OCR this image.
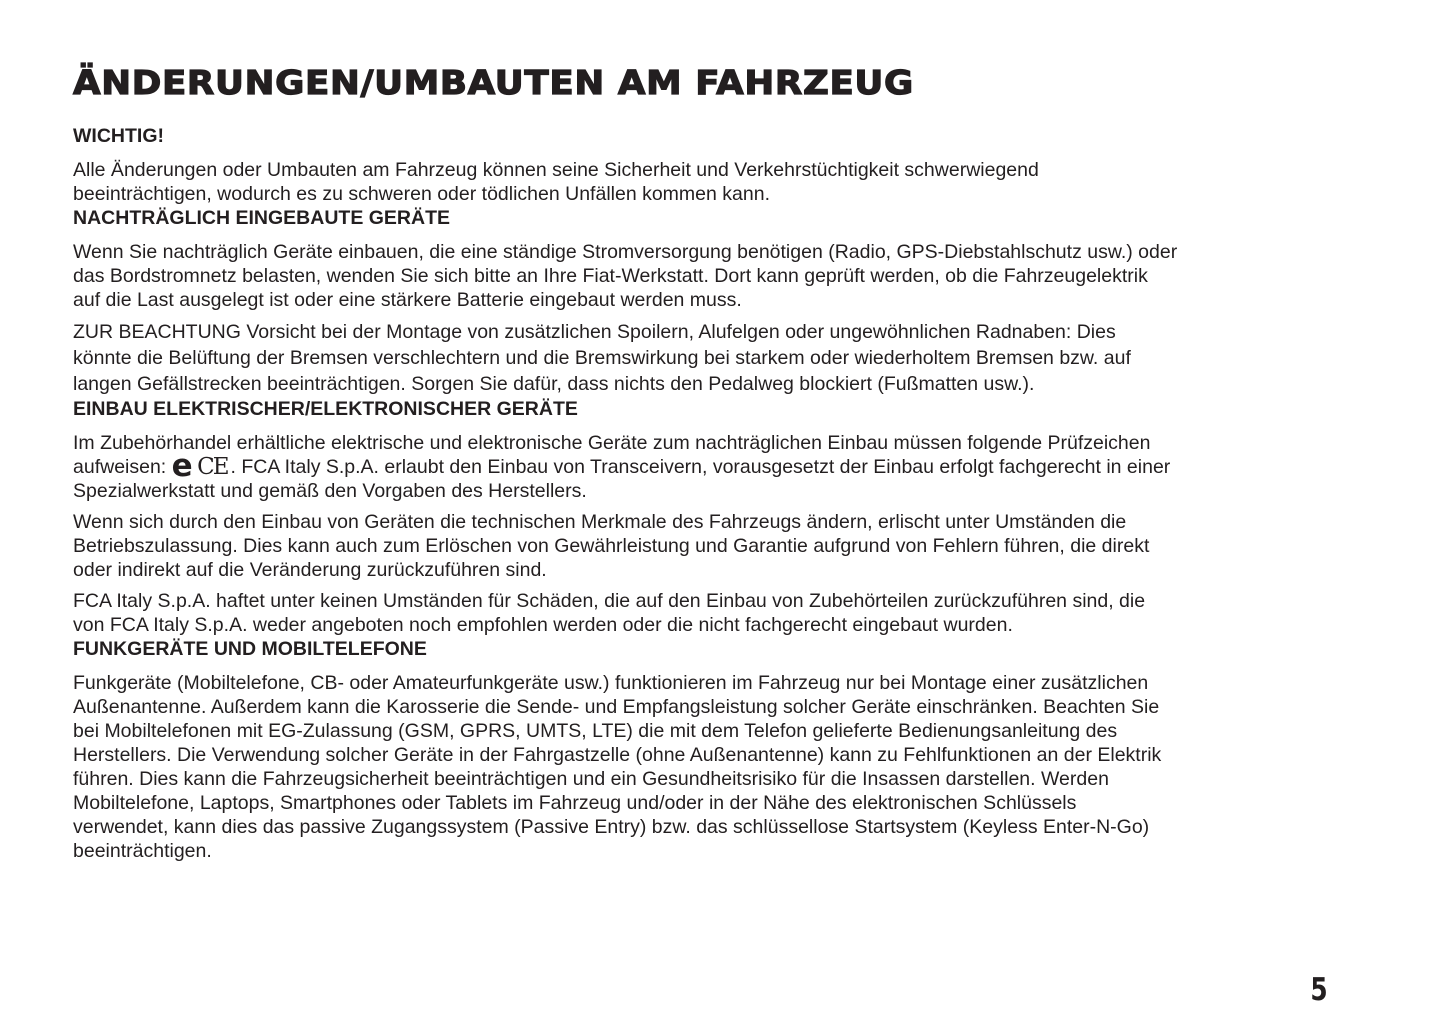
ÄNDERUNGEN/UMBAUTEN AM FAHRZEUG
WICHTIG!

Alle Änderungen oder Umbauten am Fahrzeug können seine Sicherheit und Verkehrstüchtigkeit schwerwiegend
beeinträchtigen, wodurch es zu schweren oder tödlichen Unfällen kommen kann.

NACHTRÄGLICH EINGEBAUTE GERÄTE

Wenn Sie nachträglich Geräte einbauen, die eine ständige Stromversorgung benötigen (Radio, GPS-Diebstahlschutz usw.) oder
das Bordstromnetz belasten, wenden Sie sich bitte an Ihre Fiat-Werkstatt. Dort kann geprüft werden, ob die Fahrzeugelektrik
auf die Last ausgelegt ist oder eine stärkere Batterie eingebaut werden muss.

ZUR BEACHTUNG Vorsicht bei der Montage von zusätzlichen Spoilern, Alufelgen oder ungewöhnlichen Radnaben: Dies
könnte die Belüftung der Bremsen verschlechtern und die Bremswirkung bei starkem oder wiederholtem Bremsen bzw. auf
langen Gefällstrecken beeinträchtigen. Sorgen Sie dafür, dass nichts den Pedalweg blockiert (Fußmatten usw.).

EINBAU ELEKTRISCHER/ELEKTRONISCHER GERÄTE

Im Zubehörhandel erhältliche elektrische und elektronische Geräte zum nachträglichen Einbau müssen folgende Prüfzeichen
aufweisen: e CE . FCA Italy S.p.A. erlaubt den Einbau von Transceivern, vorausgesetzt der Einbau erfolgt fachgerecht in einer
Spezialwerkstatt und gemäß den Vorgaben des Herstellers.

Wenn sich durch den Einbau von Geräten die technischen Merkmale des Fahrzeugs ändern, erlischt unter Umständen die
Betriebszulassung. Dies kann auch zum Erlöschen von Gewährleistung und Garantie aufgrund von Fehlern führen, die direkt
oder indirekt auf die Veränderung zurückzuführen sind.

FCA Italy S.p.A. haftet unter keinen Umständen für Schäden, die auf den Einbau von Zubehörteilen zurückzuführen sind, die
von FCA Italy S.p.A. weder angeboten noch empfohlen werden oder die nicht fachgerecht eingebaut wurden.

FUNKGERÄTE UND MOBILTELEFONE

Funkgeräte (Mobiltelefone, CB- oder Amateurfunkgeräte usw.) funktionieren im Fahrzeug nur bei Montage einer zusätzlichen
Außenantenne. Außerdem kann die Karosserie die Sende- und Empfangsleistung solcher Geräte einschränken. Beachten Sie
bei Mobiltelefonen mit EG-Zulassung (GSM, GPRS, UMTS, LTE) die mit dem Telefon gelieferte Bedienungsanleitung des
Herstellers. Die Verwendung solcher Geräte in der Fahrgastzelle (ohne Außenantenne) kann zu Fehlfunktionen an der Elektrik
führen. Dies kann die Fahrzeugsicherheit beeinträchtigen und ein Gesundheitsrisiko für die Insassen darstellen. Werden
Mobiltelefone, Laptops, Smartphones oder Tablets im Fahrzeug und/oder in der Nähe des elektronischen Schlüssels
verwendet, kann dies das passive Zugangssystem (Passive Entry) bzw. das schlüssellose Startsystem (Keyless Enter-N-Go)
beeinträchtigen.

5
